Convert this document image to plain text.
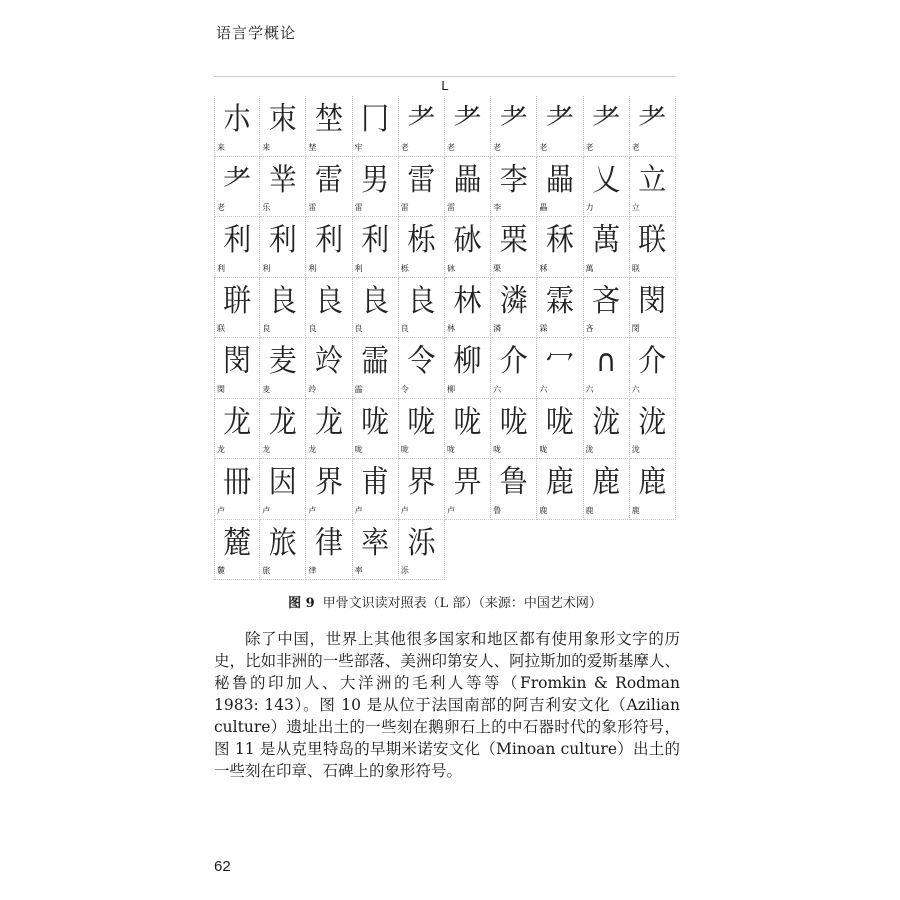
语言学概论
L
朩
来
朿
来
埜
埜
冂
牢
耂
老
耂
老
耂
老
耂
老
耂
老
耂
老
耂
老
丵
乐
雷
雷
男
雷
雷
雷
畾
雷
李
李
畾
畾
乂
力
立
立
利
利
利
利
利
利
利
利
栎
栎
砅
砅
栗
栗
秝
秝
萬
萬
联
联
聠
联
良
良
良
良
良
良
良
良
林
林
潾
潾
霖
霖
吝
吝
閔
閔
閔
閔
麦
麦
竛
竛
霝
霝
令
令
柳
柳
介
六
冖
六
∩
六
介
六
龙
龙
龙
龙
龙
龙
咙
咙
咙
咙
咙
咙
咙
咙
咙
咙
泷
泷
泷
泷
冊
卢
因
卢
界
卢
甫
卢
界
卢
畀
卢
鲁
鲁
鹿
鹿
鹿
鹿
鹿
鹿
麓
麓
旅
旅
律
律
率
率
泺
泺
图 9 甲骨文识读对照表（L 部）（来源：中国艺术网）

除了中国，世界上其他很多国家和地区都有使用象形文字的历史，比如非洲的一些部落、美洲印第安人、阿拉斯加的爱斯基摩人、秘鲁的印加人、大洋洲的毛利人等等（Fromkin & Rodman 1983: 143）。图 10 是从位于法国南部的阿吉利安文化（Azilian culture）遗址出土的一些刻在鹅卵石上的中石器时代的象形符号，图 11 是从克里特岛的早期米诺安文化（Minoan culture）出土的一些刻在印章、石碑上的象形符号。

62
